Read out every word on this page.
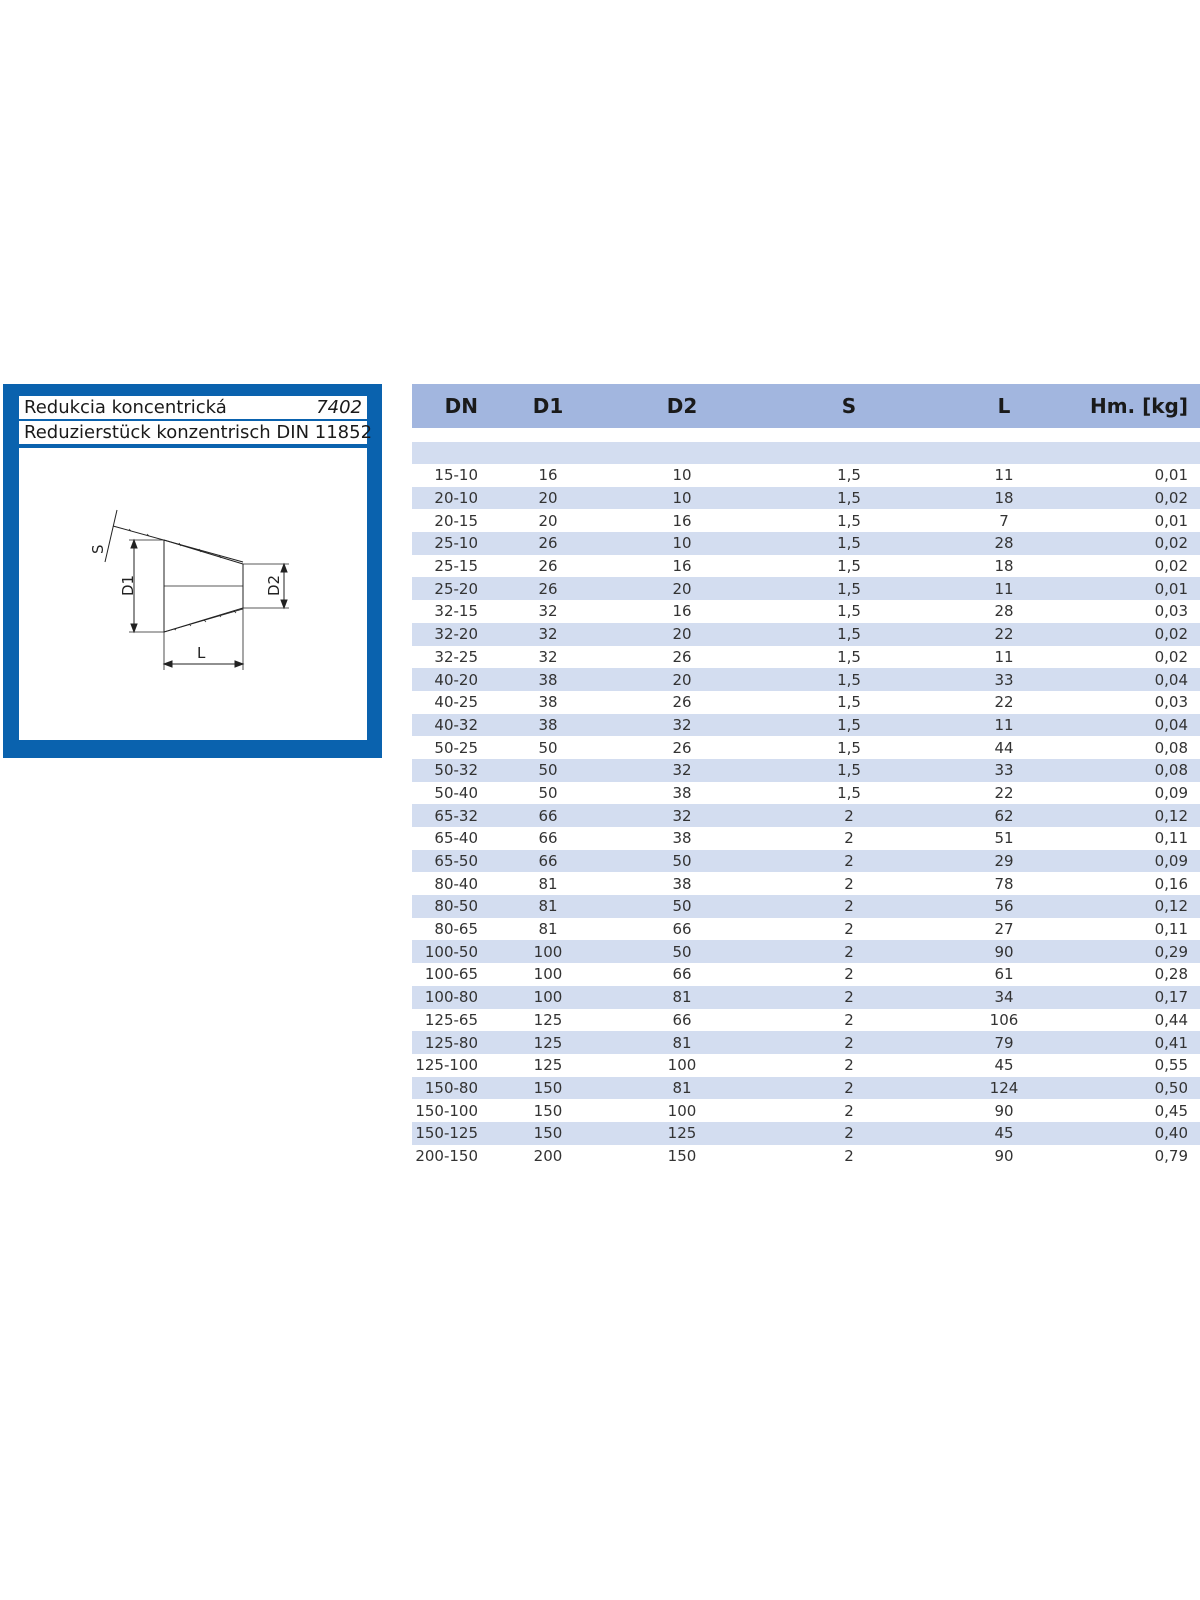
Redukcia koncentrická	7402
Reduzierstück konzentrisch DIN 11852
S
D1	D2
L
DN	D1	D2	S	L	Hm. [kg]

15-10	16	10	1,5	11	0,01
20-10	20	10	1,5	18	0,02
20-15	20	16	1,5	7	0,01
25-10	26	10	1,5	28	0,02
25-15	26	16	1,5	18	0,02
25-20	26	20	1,5	11	0,01
32-15	32	16	1,5	28	0,03
32-20	32	20	1,5	22	0,02
32-25	32	26	1,5	11	0,02
40-20	38	20	1,5	33	0,04
40-25	38	26	1,5	22	0,03
40-32	38	32	1,5	11	0,04
50-25	50	26	1,5	44	0,08
50-32	50	32	1,5	33	0,08
50-40	50	38	1,5	22	0,09
65-32	66	32	2	62	0,12
65-40	66	38	2	51	0,11
65-50	66	50	2	29	0,09
80-40	81	38	2	78	0,16
80-50	81	50	2	56	0,12
80-65	81	66	2	27	0,11
100-50	100	50	2	90	0,29
100-65	100	66	2	61	0,28
100-80	100	81	2	34	0,17
125-65	125	66	2	106	0,44
125-80	125	81	2	79	0,41
125-100	125	100	2	45	0,55
150-80	150	81	2	124	0,50
150-100	150	100	2	90	0,45
150-125	150	125	2	45	0,40
200-150	200	150	2	90	0,79
